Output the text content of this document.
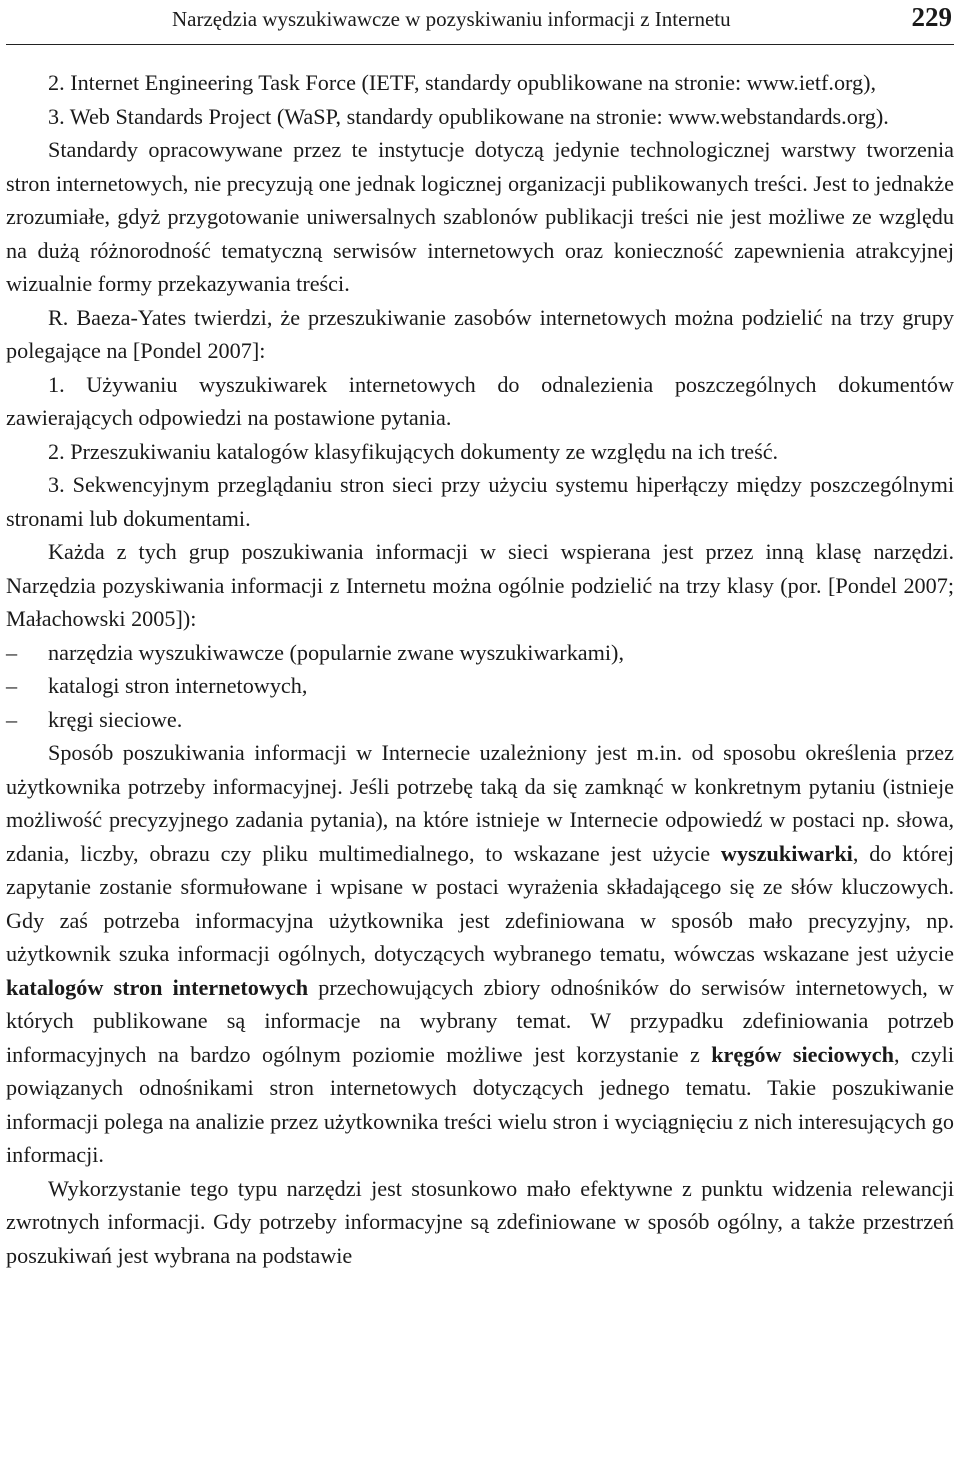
Narzędzia wyszukiwawcze w pozyskiwaniu informacji z Internetu	229

2. Internet Engineering Task Force (IETF, standardy opublikowane na stronie: www.ietf.org),

3. Web Standards Project (WaSP, standardy opublikowane na stronie: www.webstandards.org).

Standardy opracowywane przez te instytucje dotyczą jedynie technologicznej warstwy tworzenia stron internetowych, nie precyzują one jednak logicznej organizacji publikowanych treści. Jest to jednakże zrozumiałe, gdyż przygotowanie uniwersalnych szablonów publikacji treści nie jest możliwe ze względu na dużą różnorodność tematyczną serwisów internetowych oraz konieczność zapewnienia atrakcyjnej wizualnie formy przekazywania treści.

R. Baeza-Yates twierdzi, że przeszukiwanie zasobów internetowych można podzielić na trzy grupy polegające na [Pondel 2007]:

1. Używaniu wyszukiwarek internetowych do odnalezienia poszczególnych dokumentów zawierających odpowiedzi na postawione pytania.

2. Przeszukiwaniu katalogów klasyfikujących dokumenty ze względu na ich treść.

3. Sekwencyjnym przeglądaniu stron sieci przy użyciu systemu hiperłączy między poszczególnymi stronami lub dokumentami.

Każda z tych grup poszukiwania informacji w sieci wspierana jest przez inną klasę narzędzi. Narzędzia pozyskiwania informacji z Internetu można ogólnie podzielić na trzy klasy (por. [Pondel 2007; Małachowski 2005]):

– narzędzia wyszukiwawcze (popularnie zwane wyszukiwarkami),

– katalogi stron internetowych,

– kręgi sieciowe.

Sposób poszukiwania informacji w Internecie uzależniony jest m.in. od sposobu określenia przez użytkownika potrzeby informacyjnej. Jeśli potrzebę taką da się zamknąć w konkretnym pytaniu (istnieje możliwość precyzyjnego zadania pytania), na które istnieje w Internecie odpowiedź w postaci np. słowa, zdania, liczby, obrazu czy pliku multimedialnego, to wskazane jest użycie wyszukiwarki, do której zapytanie zostanie sformułowane i wpisane w postaci wyrażenia składającego się ze słów kluczowych. Gdy zaś potrzeba informacyjna użytkownika jest zdefiniowana w sposób mało precyzyjny, np. użytkownik szuka informacji ogólnych, dotyczących wybranego tematu, wówczas wskazane jest użycie katalogów stron internetowych przechowujących zbiory odnośników do serwisów internetowych, w których publikowane są informacje na wybrany temat. W przypadku zdefiniowania potrzeb informacyjnych na bardzo ogólnym poziomie możliwe jest korzystanie z kręgów sieciowych, czyli powiązanych odnośnikami stron internetowych dotyczących jednego tematu. Takie poszukiwanie informacji polega na analizie przez użytkownika treści wielu stron i wyciągnięciu z nich interesujących go informacji.

Wykorzystanie tego typu narzędzi jest stosunkowo mało efektywne z punktu widzenia relewancji zwrotnych informacji. Gdy potrzeby informacyjne są zdefiniowane w sposób ogólny, a także przestrzeń poszukiwań jest wybrana na podstawie
